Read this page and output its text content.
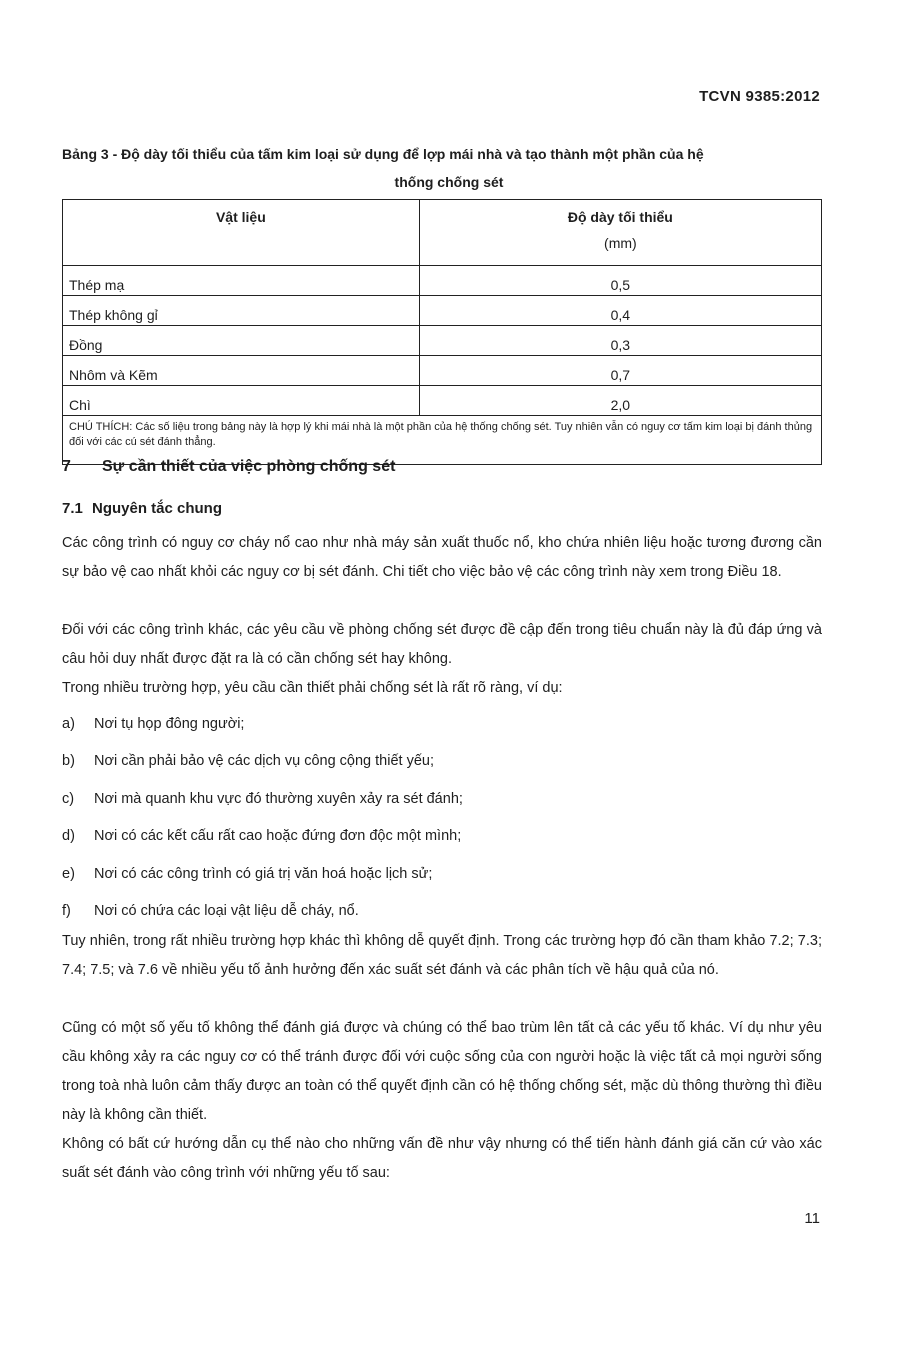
TCVN 9385:2012
Bảng 3 - Độ dày tối thiểu của tấm kim loại sử dụng để lợp mái nhà và tạo thành một phần của hệ
thống chống sét
Vật liệu	Độ dày tối thiểu
(mm)

Thép mạ	0,5
Thép không gỉ	0,4
Đồng	0,3
Nhôm và Kẽm	0,7
Chì	2,0
CHÚ THÍCH: Các số liệu trong bảng này là hợp lý khi mái nhà là một phần của hệ thống chống sét. Tuy nhiên vẫn có nguy cơ tấm kim loại bị đánh thủng đối với các cú sét đánh thẳng.	
7 Sự cần thiết của việc phòng chống sét
7.1 Nguyên tắc chung
Các công trình có nguy cơ cháy nổ cao như nhà máy sản xuất thuốc nổ, kho chứa nhiên liệu hoặc tương đương cần sự bảo vệ cao nhất khỏi các nguy cơ bị sét đánh. Chi tiết cho việc bảo vệ các công trình này xem trong Điều 18.
Đối với các công trình khác, các yêu cầu về phòng chống sét được đề cập đến trong tiêu chuẩn này là đủ đáp ứng và câu hỏi duy nhất được đặt ra là có cần chống sét hay không.
Trong nhiều trường hợp, yêu cầu cần thiết phải chống sét là rất rõ ràng, ví dụ:
a) Nơi tụ họp đông người;
b) Nơi cần phải bảo vệ các dịch vụ công cộng thiết yếu;
c) Nơi mà quanh khu vực đó thường xuyên xảy ra sét đánh;
d) Nơi có các kết cấu rất cao hoặc đứng đơn độc một mình;
e) Nơi có các công trình có giá trị văn hoá hoặc lịch sử;
f) Nơi có chứa các loại vật liệu dễ cháy, nổ.
Tuy nhiên, trong rất nhiều trường hợp khác thì không dễ quyết định. Trong các trường hợp đó cần tham khảo 7.2; 7.3; 7.4; 7.5; và 7.6 về nhiều yếu tố ảnh hưởng đến xác suất sét đánh và các phân tích về hậu quả của nó.
Cũng có một số yếu tố không thể đánh giá được và chúng có thể bao trùm lên tất cả các yếu tố khác. Ví dụ như yêu cầu không xảy ra các nguy cơ có thể tránh được đối với cuộc sống của con người hoặc là việc tất cả mọi người sống trong toà nhà luôn cảm thấy được an toàn có thể quyết định cần có hệ thống chống sét, mặc dù thông thường thì điều này là không cần thiết.
Không có bất cứ hướng dẫn cụ thể nào cho những vấn đề như vậy nhưng có thể tiến hành đánh giá căn cứ vào xác suất sét đánh vào công trình với những yếu tố sau:
11
